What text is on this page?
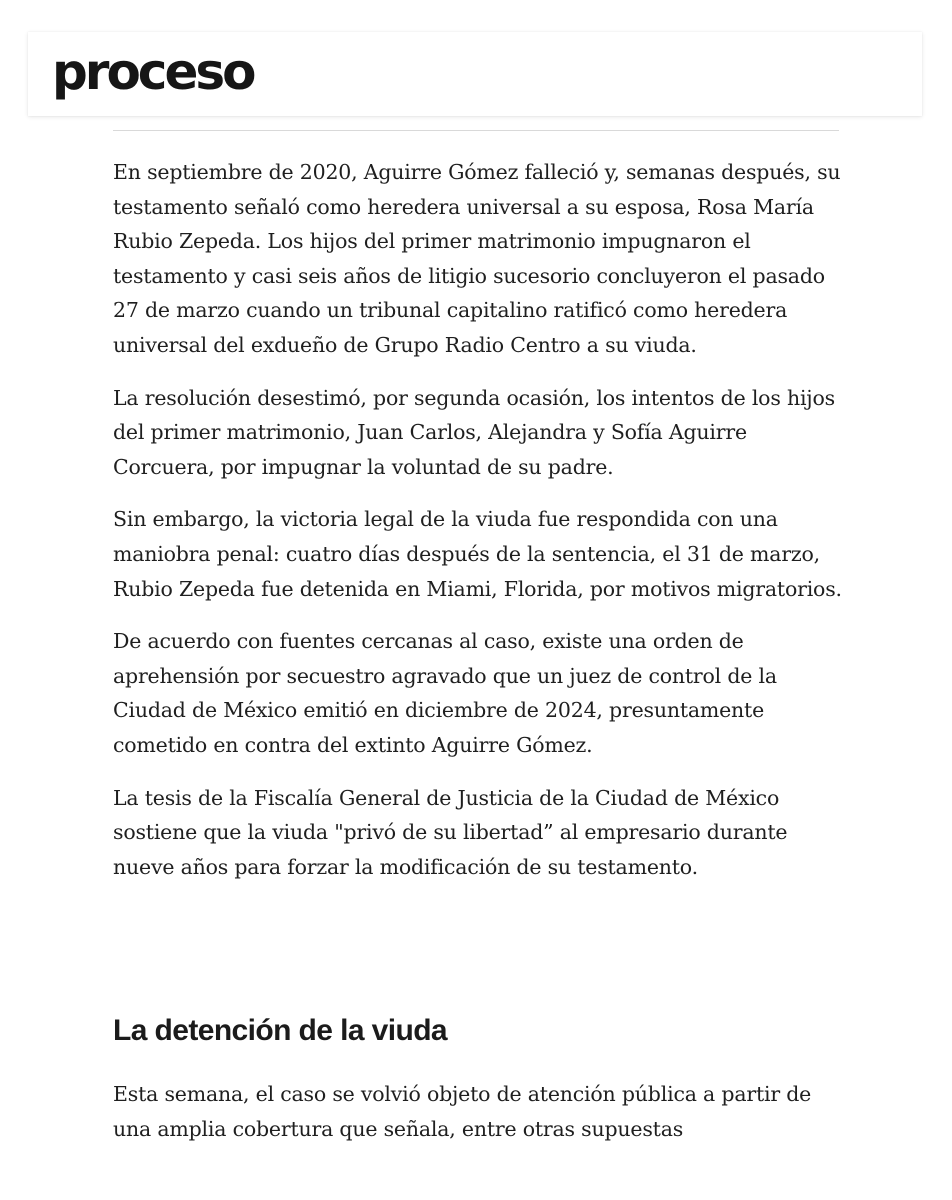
proceso

En septiembre de 2020, Aguirre Gómez falleció y, semanas después, su testamento señaló como heredera universal a su esposa, Rosa María Rubio Zepeda. Los hijos del primer matrimonio impugnaron el testamento y casi seis años de litigio sucesorio concluyeron el pasado 27 de marzo cuando un tribunal capitalino ratificó como heredera universal del exdueño de Grupo Radio Centro a su viuda.

La resolución desestimó, por segunda ocasión, los intentos de los hijos del primer matrimonio, Juan Carlos, Alejandra y Sofía Aguirre Corcuera, por impugnar la voluntad de su padre.

Sin embargo, la victoria legal de la viuda fue respondida con una maniobra penal: cuatro días después de la sentencia, el 31 de marzo, Rubio Zepeda fue detenida en Miami, Florida, por motivos migratorios.

De acuerdo con fuentes cercanas al caso, existe una orden de aprehensión por secuestro agravado que un juez de control de la Ciudad de México emitió en diciembre de 2024, presuntamente cometido en contra del extinto Aguirre Gómez.

La tesis de la Fiscalía General de Justicia de la Ciudad de México sostiene que la viuda "privó de su libertad” al empresario durante nueve años para forzar la modificación de su testamento.

La detención de la viuda

Esta semana, el caso se volvió objeto de atención pública a partir de una amplia cobertura que señala, entre otras supuestas
